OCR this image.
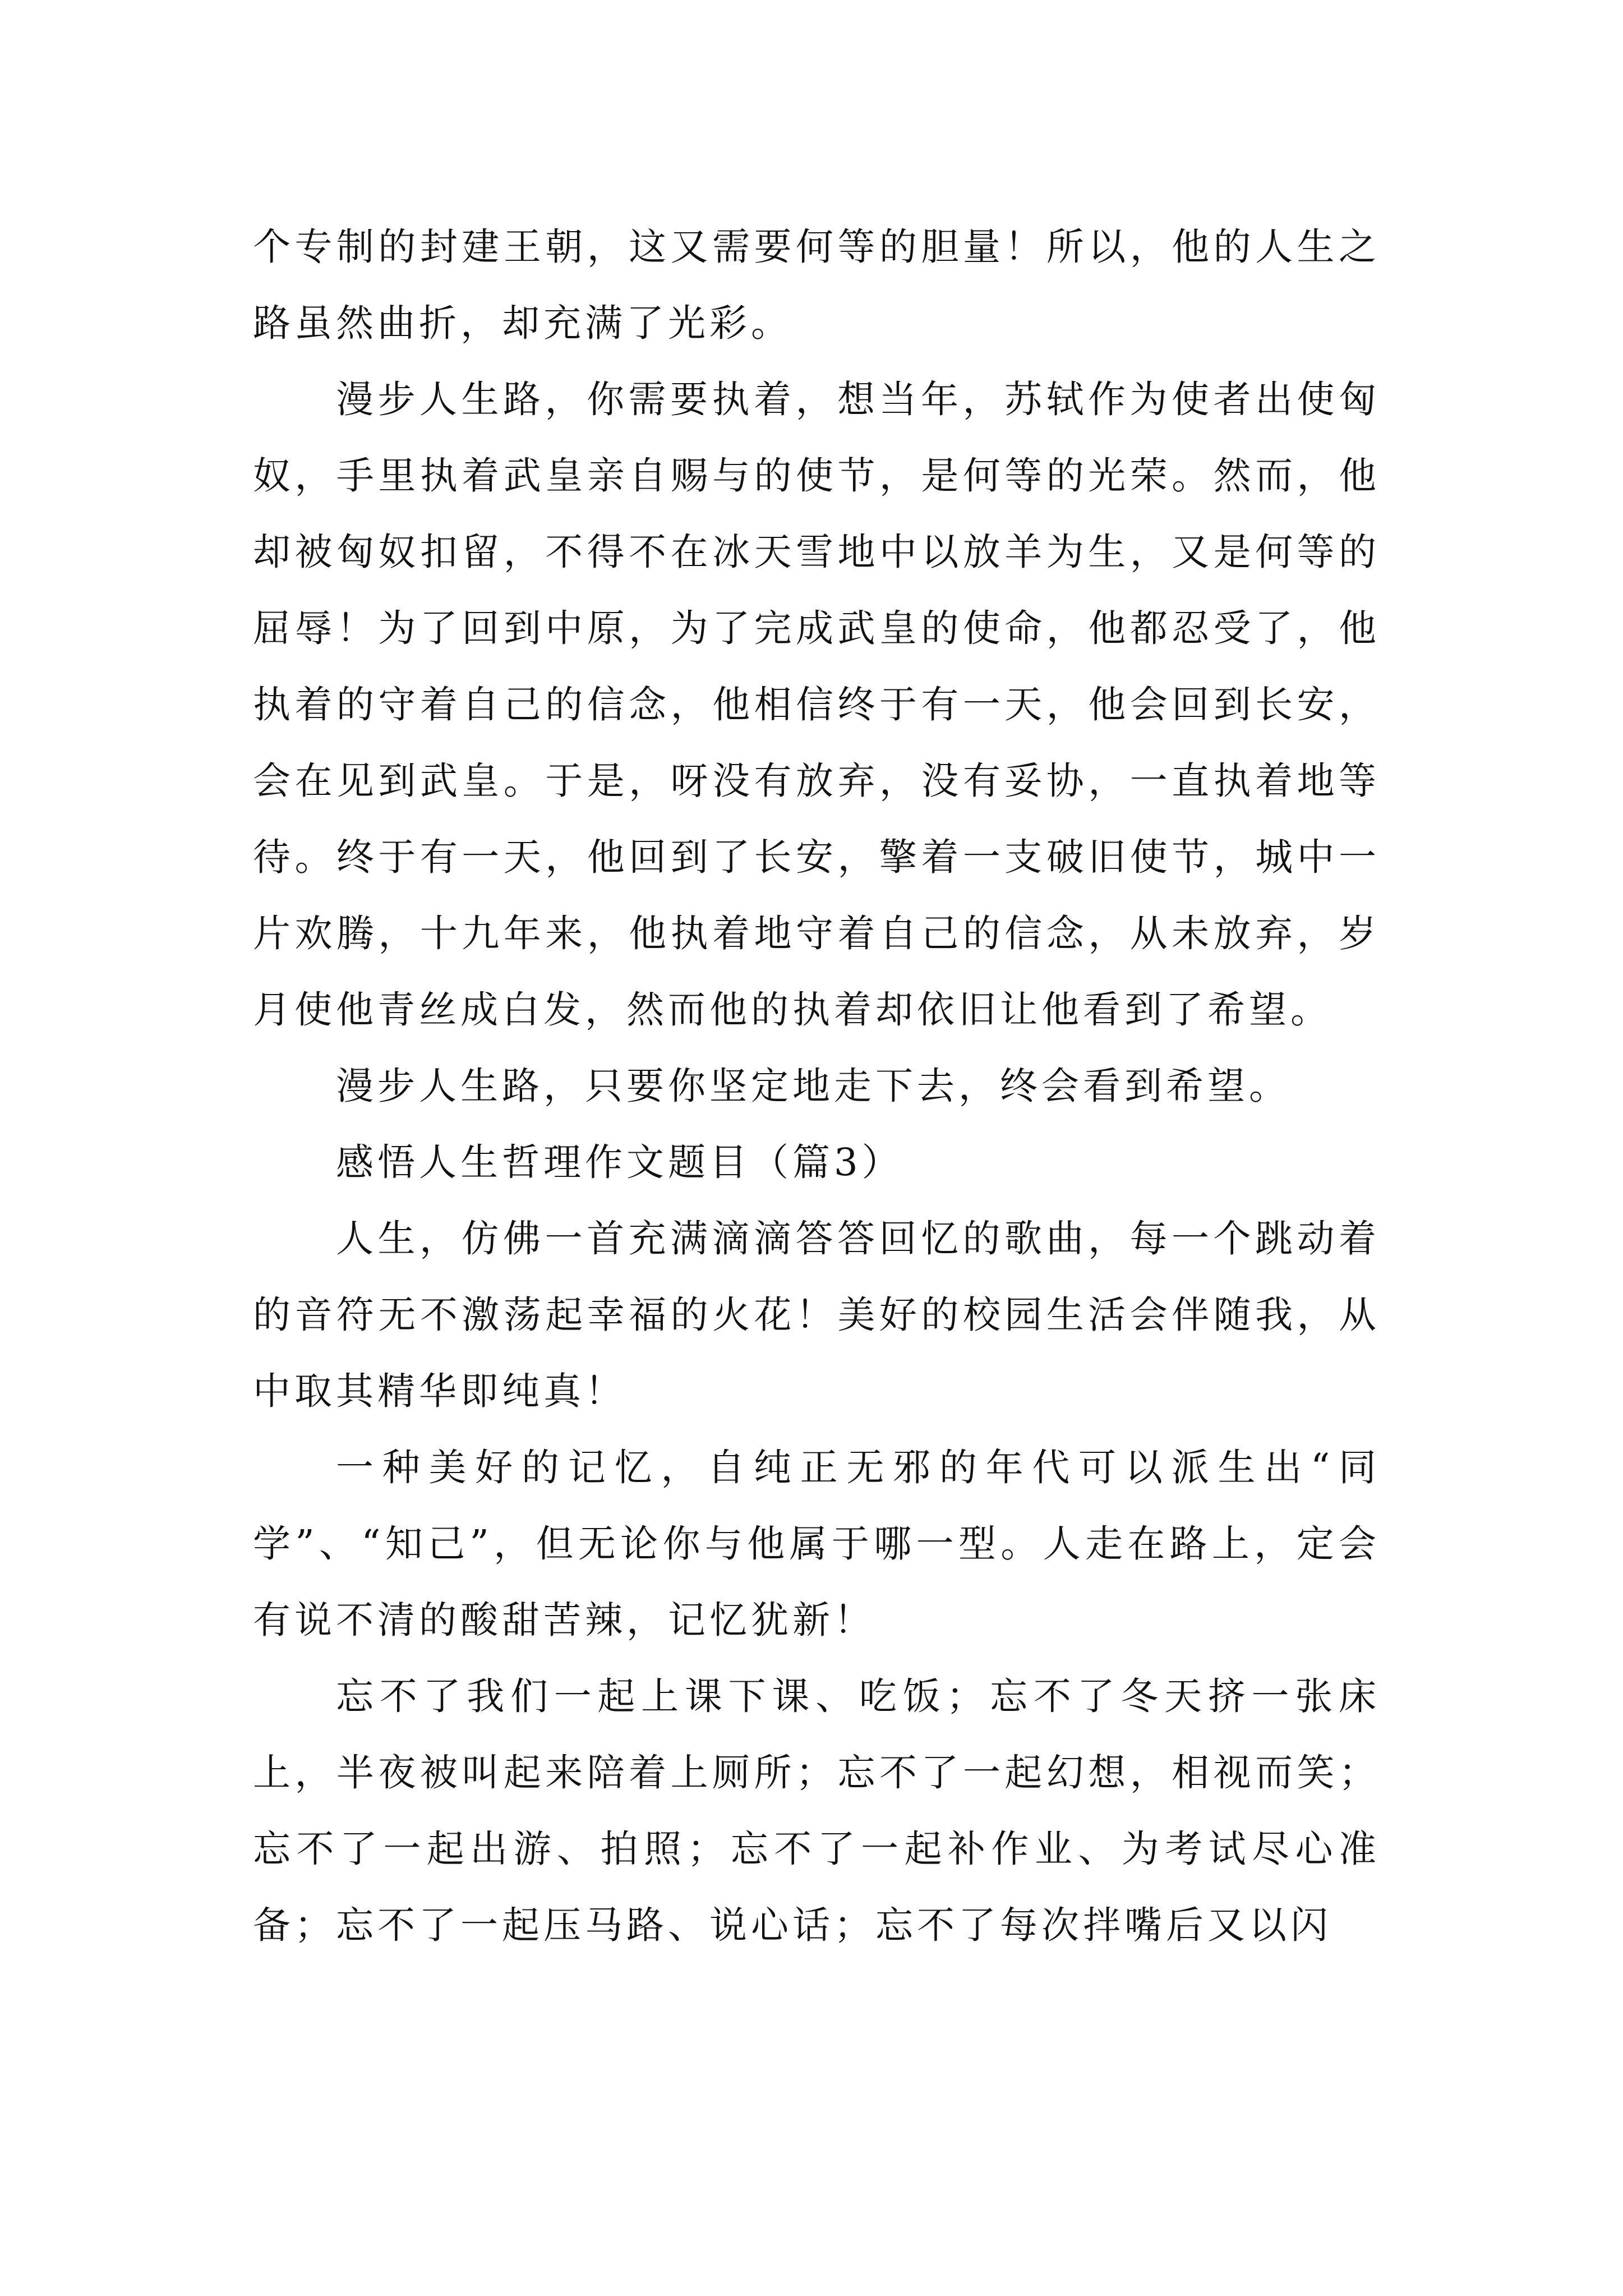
个专制的封建王朝，这又需要何等的胆量！所以，他的人生之路虽然曲折，却充满了光彩。

漫步人生路，你需要执着，想当年，苏轼作为使者出使匈奴，手里执着武皇亲自赐与的使节，是何等的光荣。然而，他却被匈奴扣留，不得不在冰天雪地中以放羊为生，又是何等的屈辱！为了回到中原，为了完成武皇的使命，他都忍受了，他执着的守着自己的信念，他相信终于有一天，他会回到长安，会在见到武皇。于是，呀没有放弃，没有妥协，一直执着地等待。终于有一天，他回到了长安，擎着一支破旧使节，城中一片欢腾，十九年来，他执着地守着自己的信念，从未放弃，岁月使他青丝成白发，然而他的执着却依旧让他看到了希望。

漫步人生路，只要你坚定地走下去，终会看到希望。

感悟人生哲理作文题目（篇3）

人生，仿佛一首充满滴滴答答回忆的歌曲，每一个跳动着的音符无不激荡起幸福的火花！美好的校园生活会伴随我，从中取其精华即纯真！

一种美好的记忆，自纯正无邪的年代可以派生出“同学”、“知己”，但无论你与他属于哪一型。人走在路上，定会有说不清的酸甜苦辣，记忆犹新！

忘不了我们一起上课下课、吃饭；忘不了冬天挤一张床上，半夜被叫起来陪着上厕所；忘不了一起幻想，相视而笑；忘不了一起出游、拍照；忘不了一起补作业、为考试尽心准备；忘不了一起压马路、说心话；忘不了每次拌嘴后又以闪
